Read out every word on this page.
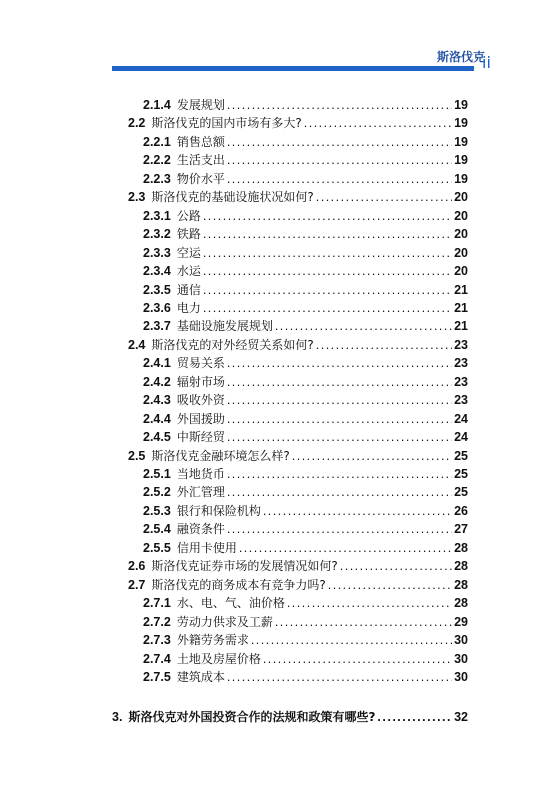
斯洛伐克
ii
2.1.4 发展规划 .....	19
2.2 斯洛伐克的国内市场有多大? .....	19
2.2.1 销售总额 .....	19
2.2.2 生活支出 .....	19
2.2.3 物价水平 .....	19
2.3 斯洛伐克的基础设施状况如何? .....	20
2.3.1 公路 .....	20
2.3.2 铁路 .....	20
2.3.3 空运 .....	20
2.3.4 水运 .....	20
2.3.5 通信 .....	21
2.3.6 电力 .....	21
2.3.7 基础设施发展规划 .....	21
2.4 斯洛伐克的对外经贸关系如何? .....	23
2.4.1 贸易关系 .....	23
2.4.2 辐射市场 .....	23
2.4.3 吸收外资 .....	23
2.4.4 外国援助 .....	24
2.4.5 中斯经贸 .....	24
2.5 斯洛伐克金融环境怎么样? .....	25
2.5.1 当地货币 .....	25
2.5.2 外汇管理 .....	25
2.5.3 银行和保险机构 .....	26
2.5.4 融资条件 .....	27
2.5.5 信用卡使用 .....	28
2.6 斯洛伐克证券市场的发展情况如何? .....	28
2.7 斯洛伐克的商务成本有竞争力吗? .....	28
2.7.1 水、电、气、油价格 .....	28
2.7.2 劳动力供求及工薪 .....	29
2.7.3 外籍劳务需求 .....	30
2.7.4 土地及房屋价格 .....	30
2.7.5 建筑成本 .....	30
3. 斯洛伐克对外国投资合作的法规和政策有哪些? .....	32
